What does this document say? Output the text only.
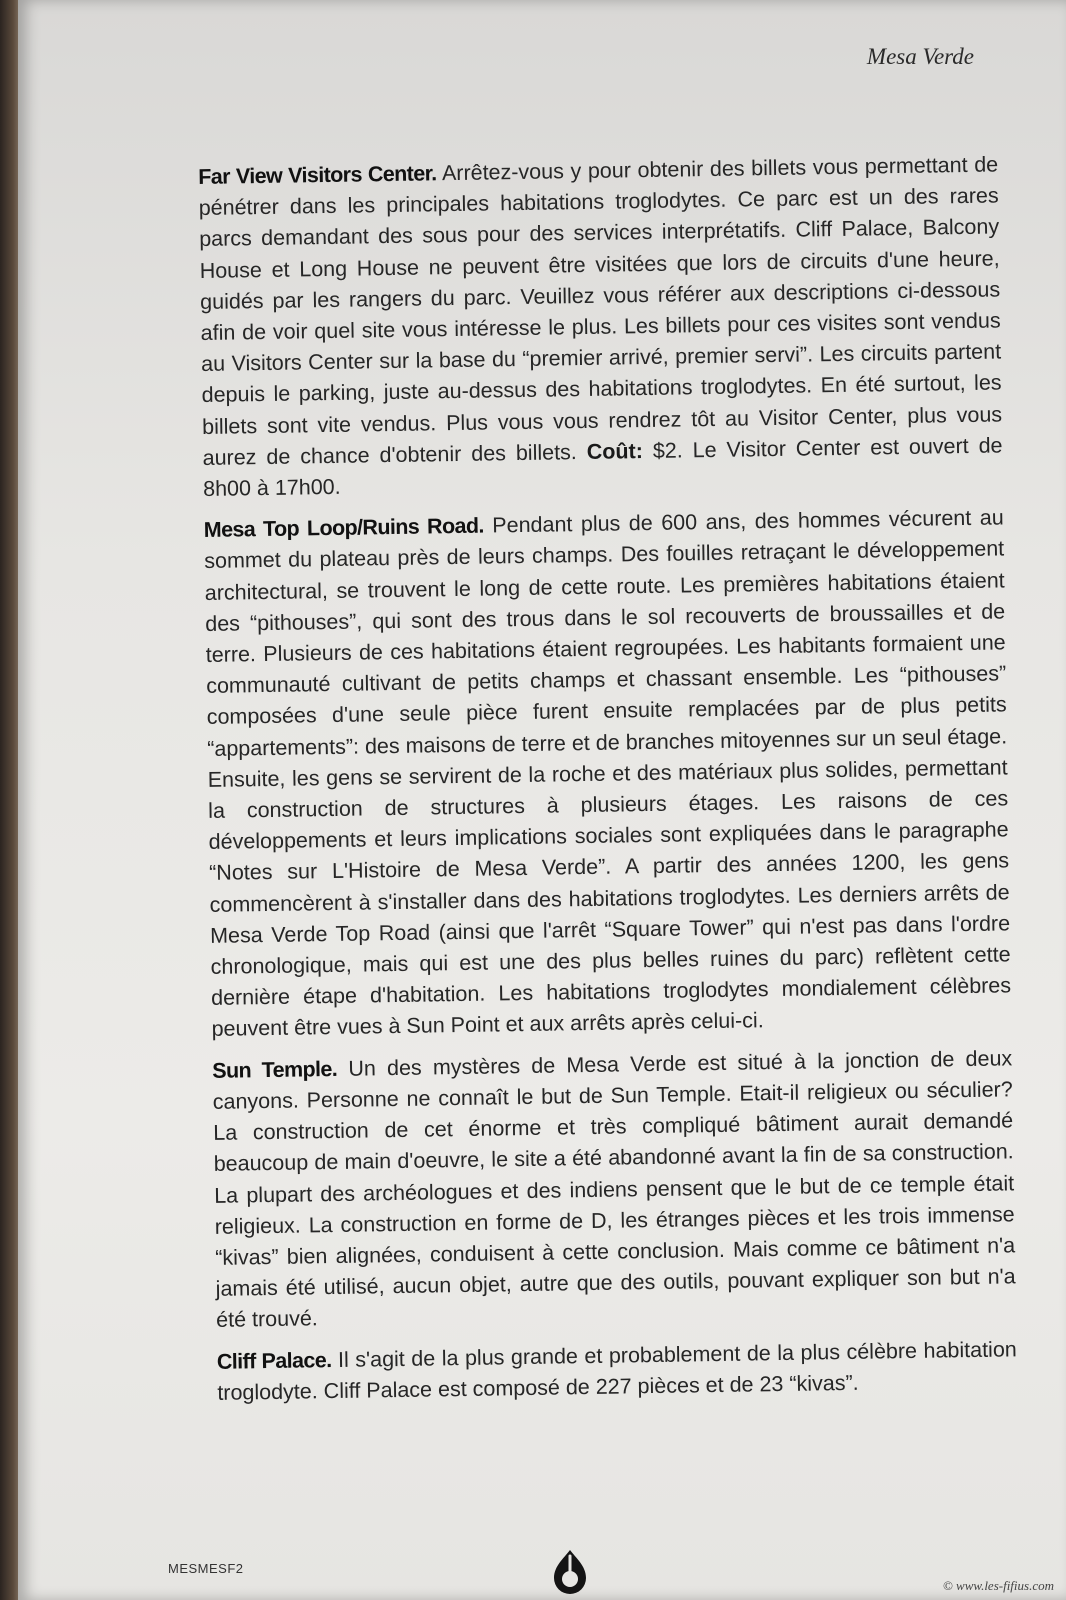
Mesa Verde

Far View Visitors Center. Arrêtez-vous y pour obtenir des billets vous permettant de pénétrer dans les principales habitations troglodytes. Ce parc est un des rares parcs demandant des sous pour des services interprétatifs. Cliff Palace, Balcony House et Long House ne peuvent être visitées que lors de circuits d'une heure, guidés par les rangers du parc. Veuillez vous référer aux descriptions ci-dessous afin de voir quel site vous intéresse le plus. Les billets pour ces visites sont vendus au Visitors Center sur la base du “premier arrivé, premier servi”. Les circuits partent depuis le parking, juste au-dessus des habitations troglodytes. En été surtout, les billets sont vite vendus. Plus vous vous rendrez tôt au Visitor Center, plus vous aurez de chance d'obtenir des billets. Coût: $2. Le Visitor Center est ouvert de 8h00 à 17h00.

Mesa Top Loop/Ruins Road. Pendant plus de 600 ans, des hommes vécurent au sommet du plateau près de leurs champs. Des fouilles retraçant le développement architectural, se trouvent le long de cette route. Les premières habitations étaient des “pithouses”, qui sont des trous dans le sol recouverts de broussailles et de terre. Plusieurs de ces habitations étaient regroupées. Les habitants formaient une communauté cultivant de petits champs et chassant ensemble. Les “pithouses” composées d'une seule pièce furent ensuite remplacées par de plus petits “appartements”: des maisons de terre et de branches mitoyennes sur un seul étage. Ensuite, les gens se servirent de la roche et des matériaux plus solides, permettant la construction de structures à plusieurs étages. Les raisons de ces développements et leurs implications sociales sont expliquées dans le paragraphe “Notes sur L'Histoire de Mesa Verde”. A partir des années 1200, les gens commencèrent à s'installer dans des habitations troglodytes. Les derniers arrêts de Mesa Verde Top Road (ainsi que l'arrêt “Square Tower” qui n'est pas dans l'ordre chronologique, mais qui est une des plus belles ruines du parc) reflètent cette dernière étape d'habitation. Les habitations troglodytes mondialement célèbres peuvent être vues à Sun Point et aux arrêts après celui-ci.

Sun Temple. Un des mystères de Mesa Verde est situé à la jonction de deux canyons. Personne ne connaît le but de Sun Temple. Etait-il religieux ou séculier? La construction de cet énorme et très compliqué bâtiment aurait demandé beaucoup de main d'oeuvre, le site a été abandonné avant la fin de sa construction. La plupart des archéologues et des indiens pensent que le but de ce temple était religieux. La construction en forme de D, les étranges pièces et les trois immense “kivas” bien alignées, conduisent à cette conclusion. Mais comme ce bâtiment n'a jamais été utilisé, aucun objet, autre que des outils, pouvant expliquer son but n'a été trouvé.

Cliff Palace. Il s'agit de la plus grande et probablement de la plus célèbre habitation troglodyte. Cliff Palace est composé de 227 pièces et de 23 “kivas”.

MESMESF2
© www.les-fifius.com
